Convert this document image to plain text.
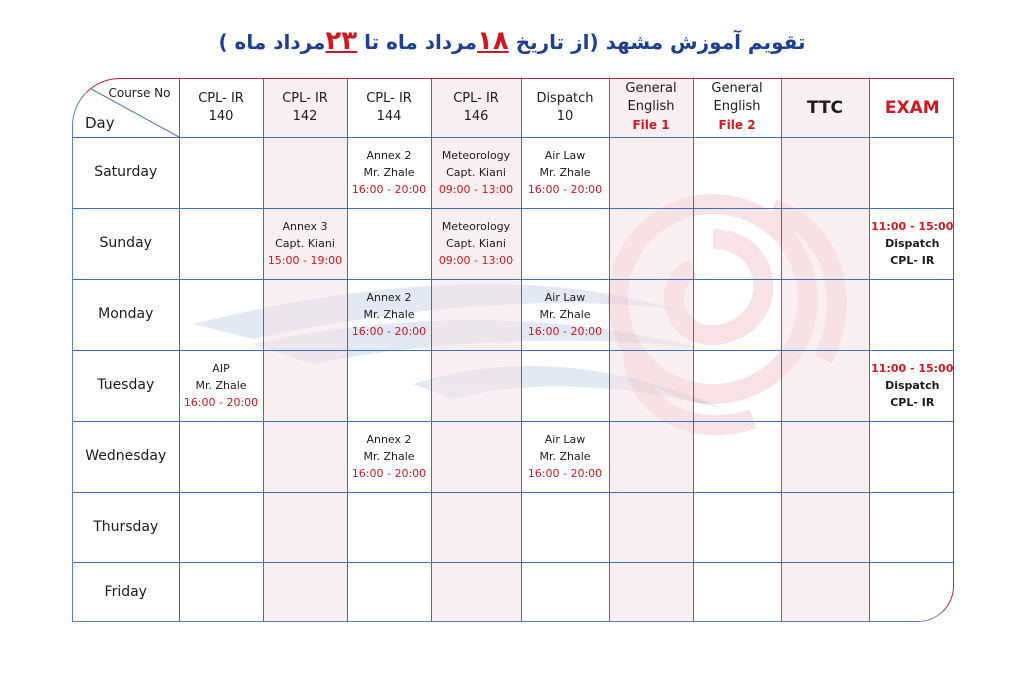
تقویم آموزش مشهد (از تاریخ ۱۸مرداد ماه تا ۲۳مرداد ماه )
Course No
Day	CPL- IR
140	CPL- IR
142	CPL- IR
144	CPL- IR
146	Dispatch
10	General
English
File 1	General
English
File 2	TTC	EXAM
Saturday			Annex 2
Mr. Zhale
16:00 - 20:00	Meteorology
Capt. Kiani
09:00 - 13:00	Air Law
Mr. Zhale
16:00 - 20:00				
Sunday		Annex 3
Capt. Kiani
15:00 - 19:00		Meteorology
Capt. Kiani
09:00 - 13:00					11:00 - 15:00
Dispatch
CPL- IR
Monday			Annex 2
Mr. Zhale
16:00 - 20:00		Air Law
Mr. Zhale
16:00 - 20:00				
Tuesday	AIP
Mr. Zhale
16:00 - 20:00								11:00 - 15:00
Dispatch
CPL- IR
Wednesday			Annex 2
Mr. Zhale
16:00 - 20:00		Air Law
Mr. Zhale
16:00 - 20:00				
Thursday									
Friday									
